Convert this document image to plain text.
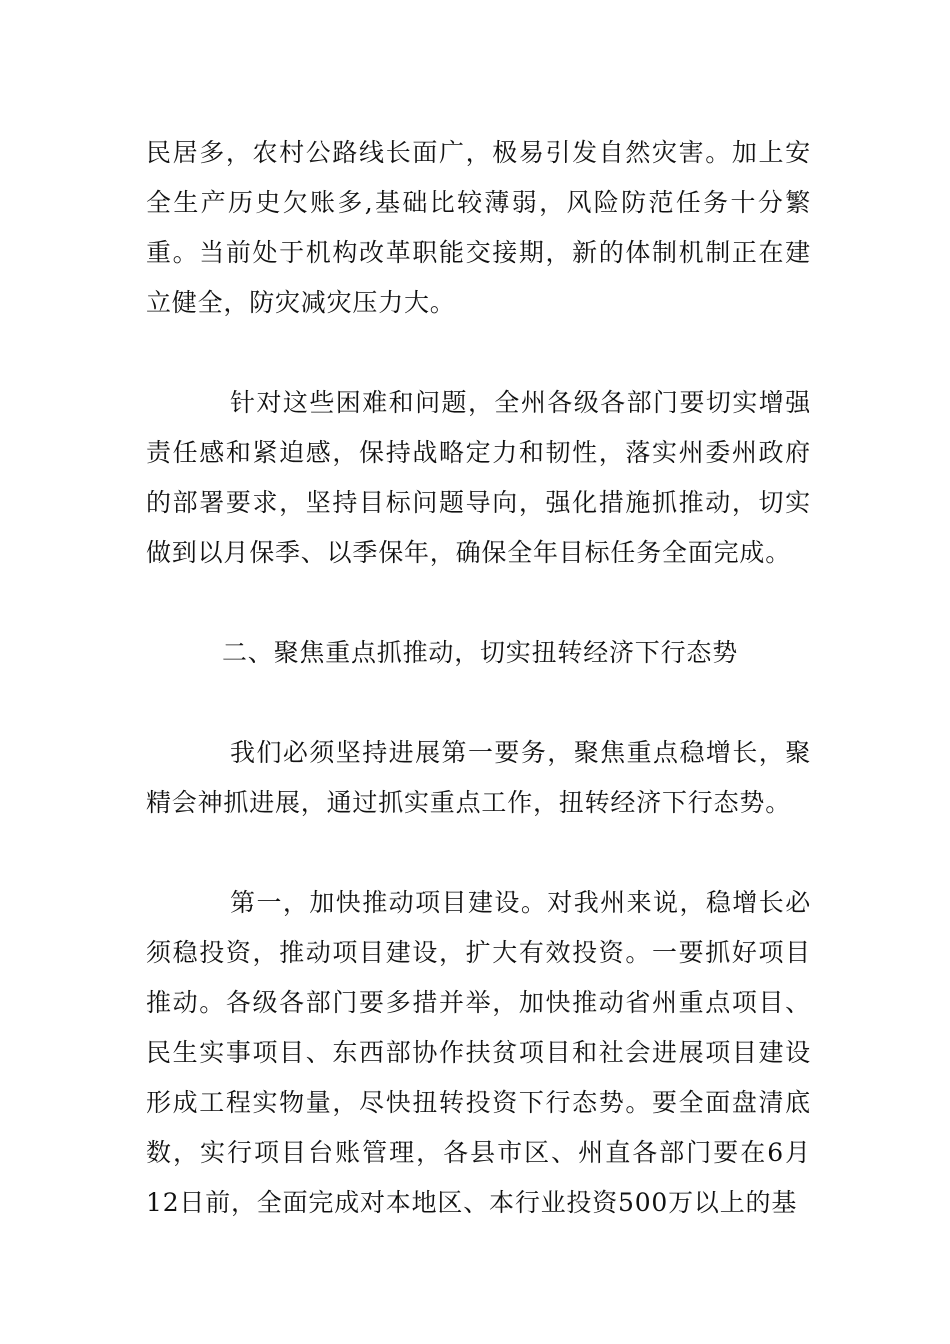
民居多，农村公路线长面广，极易引发自然灾害。加上安全生产历史欠账多,基础比较薄弱，风险防范任务十分繁重。当前处于机构改革职能交接期，新的体制机制正在建立健全，防灾减灾压力大。

针对这些困难和问题，全州各级各部门要切实增强责任感和紧迫感，保持战略定力和韧性，落实州委州政府的部署要求，坚持目标问题导向，强化措施抓推动，切实做到以月保季、以季保年，确保全年目标任务全面完成。

二、聚焦重点抓推动，切实扭转经济下行态势

我们必须坚持进展第一要务，聚焦重点稳增长，聚精会神抓进展，通过抓实重点工作，扭转经济下行态势。

第一，加快推动项目建设。对我州来说，稳增长必须稳投资，推动项目建设，扩大有效投资。一要抓好项目推动。各级各部门要多措并举，加快推动省州重点项目、民生实事项目、东西部协作扶贫项目和社会进展项目建设形成工程实物量，尽快扭转投资下行态势。要全面盘清底数，实行项目台账管理，各县市区、州直各部门要在6月12日前，全面完成对本地区、本行业投资500万以上的基
